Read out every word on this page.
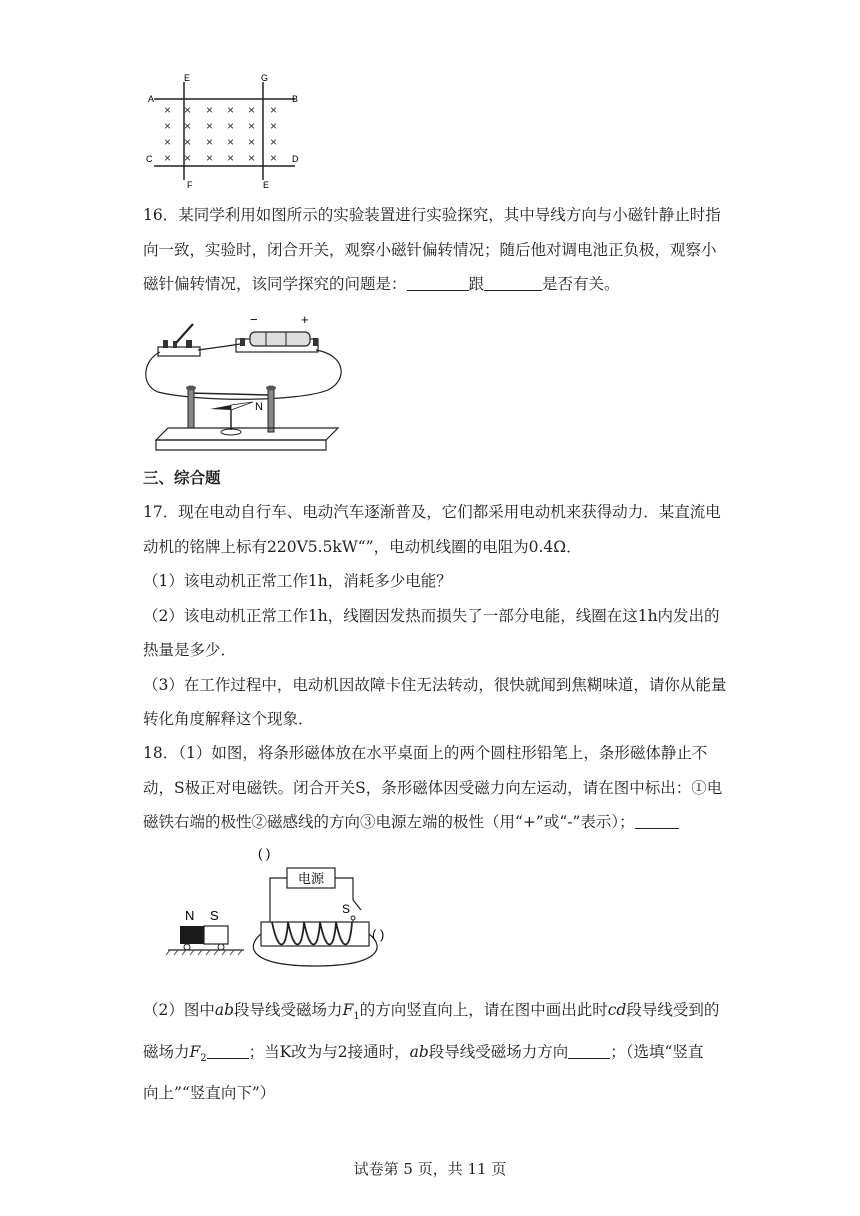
A	B
C	D
E	G
F	E
× × × × × ×
× × × × × ×
× × × × × ×
× × × × × ×
16．某同学利用如图所示的实验装置进行实验探究，其中导线方向与小磁针静止时指
向一致，实验时，闭合开关，观察小磁针偏转情况；随后他对调电池正负极，观察小
磁针偏转情况，该同学探究的问题是：	跟	是否有关。
−	+
N
三、综合题
17．现在电动自行车、电动汽车逐渐普及，它们都采用电动机来获得动力．某直流电
动机的铭牌上标有220V5.5kW“”，电动机线圈的电阻为0.4Ω．
（1）该电动机正常工作1h，消耗多少电能？
（2）该电动机正常工作1h，线圈因发热而损失了一部分电能，线圈在这1h内发出的
热量是多少．
（3）在工作过程中，电动机因故障卡住无法转动，很快就闻到焦糊味道，请你从能量
转化角度解释这个现象．
18．（1）如图，将条形磁体放在水平桌面上的两个圆柱形铅笔上，条形磁体静止不
动，S极正对电磁铁。闭合开关S，条形磁体因受磁力向左运动，请在图中标出：①电
磁铁右端的极性②磁感线的方向③电源左端的极性（用“+”或“-”表示）；
( )
电源
S
( )
N S
（2）图中ab段导线受磁场力$F_1$的方向竖直向上，请在图中画出此时cd段导线受到的
磁场力$F_2$	；当K改为与2接通时，ab段导线受磁场力方向	；（选填“竖直
向上”“竖直向下”）
试卷第 5 页，共 11 页
